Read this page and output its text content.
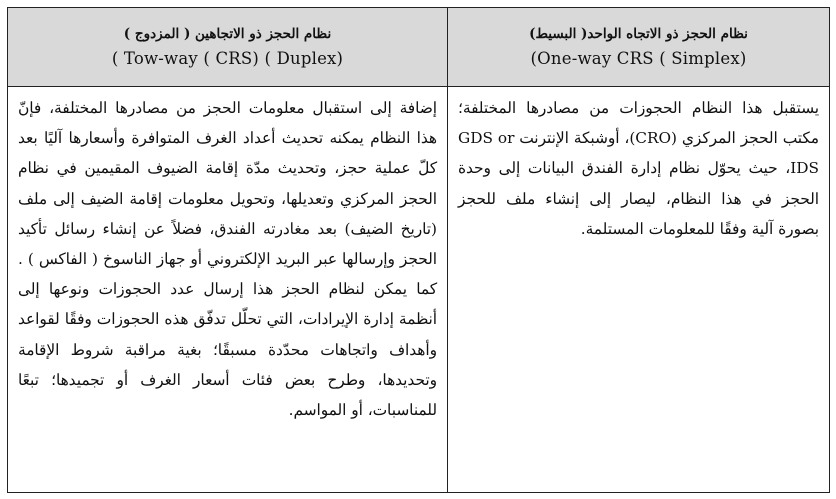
نظام الحجز ذو الاتجاه الواحد( البسيط)
(One-way CRS ( Simplex)
نظام الحجز ذو الاتجاهين ( المزدوج )
( Tow-way ( CRS) ( Duplex)

يستقبل هذا النظام الحجوزات من مصادرها المختلفة؛ مكتب الحجز المركزي (CRO)، أوشبكة الإنترنت GDS or IDS، حيث يحوّل نظام إدارة الفندق البيانات إلى وحدة الحجز في هذا النظام، ليصار إلى إنشاء ملف للحجز بصورة آلية وفقًا للمعلومات المستلمة.

إضافة إلى استقبال معلومات الحجز من مصادرها المختلفة، فإنّ هذا النظام يمكنه تحديث أعداد الغرف المتوافرة وأسعارها آليًا بعد كلّ عملية حجز، وتحديث مدّة إقامة الضيوف المقيمين في نظام الحجز المركزي وتعديلها، وتحويل معلومات إقامة الضيف إلى ملف (تاريخ الضيف) بعد مغادرته الفندق، فضلاً عن إنشاء رسائل تأكيد الحجز وإرسالها عبر البريد الإلكتروني أو جهاز الناسوخ ( الفاكس ) . كما يمكن لنظام الحجز هذا إرسال عدد الحجوزات ونوعها إلى أنظمة إدارة الإيرادات، التي تحلّل تدفّق هذه الحجوزات وفقًا لقواعد وأهداف واتجاهات محدّدة مسبقًا؛ بغية مراقبة شروط الإقامة وتحديدها، وطرح بعض فئات أسعار الغرف أو تجميدها؛ تبعًا للمناسبات، أو المواسم.
